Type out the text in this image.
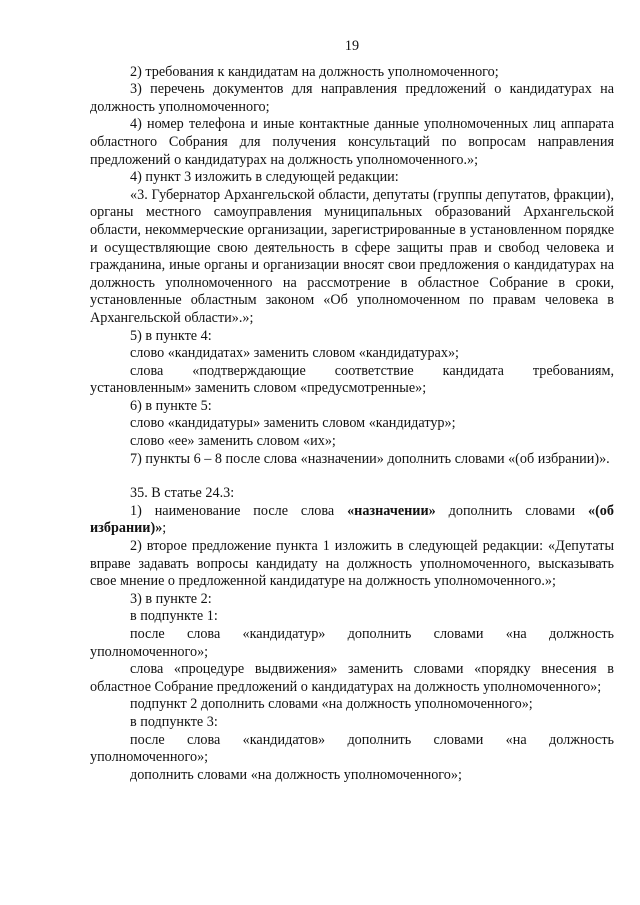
19

2) требования к кандидатам на должность уполномоченного;

3) перечень документов для направления предложений о кандидатурах на должность уполномоченного;

4) номер телефона и иные контактные данные уполномоченных лиц аппарата областного Собрания для получения консультаций по вопросам направления предложений о кандидатурах на должность уполномоченного.»;

4) пункт 3 изложить в следующей редакции:

«3. Губернатор Архангельской области, депутаты (группы депутатов, фракции), органы местного самоуправления муниципальных образований Архангельской области, некоммерческие организации, зарегистрированные в установленном порядке и осуществляющие свою деятельность в сфере защиты прав и свобод человека и гражданина, иные органы и организации вносят свои предложения о кандидатурах на должность уполномоченного на рассмотрение в областное Собрание в сроки, установленные областным законом «Об уполномоченном по правам человека в Архангельской области».»;

5) в пункте 4:

слово «кандидатах» заменить словом «кандидатурах»;

слова «подтверждающие соответствие кандидата требованиям, установленным» заменить словом «предусмотренные»;

6) в пункте 5:

слово «кандидатуры» заменить словом «кандидатур»;

слово «ее» заменить словом «их»;

7) пункты 6 – 8 после слова «назначении» дополнить словами «(об избрании)».

35. В статье 24.3:

1) наименование после слова «назначении» дополнить словами «(об избрании)»;

2) второе предложение пункта 1 изложить в следующей редакции: «Депутаты вправе задавать вопросы кандидату на должность уполномоченного, высказывать свое мнение о предложенной кандидатуре на должность уполномоченного.»;

3) в пункте 2:

в подпункте 1:

после слова «кандидатур» дополнить словами «на должность уполномоченного»;

слова «процедуре выдвижения» заменить словами «порядку внесения в областное Собрание предложений о кандидатурах на должность уполномоченного»;

подпункт 2 дополнить словами «на должность уполномоченного»;

в подпункте 3:

после слова «кандидатов» дополнить словами «на должность уполномоченного»;

дополнить словами «на должность уполномоченного»;
